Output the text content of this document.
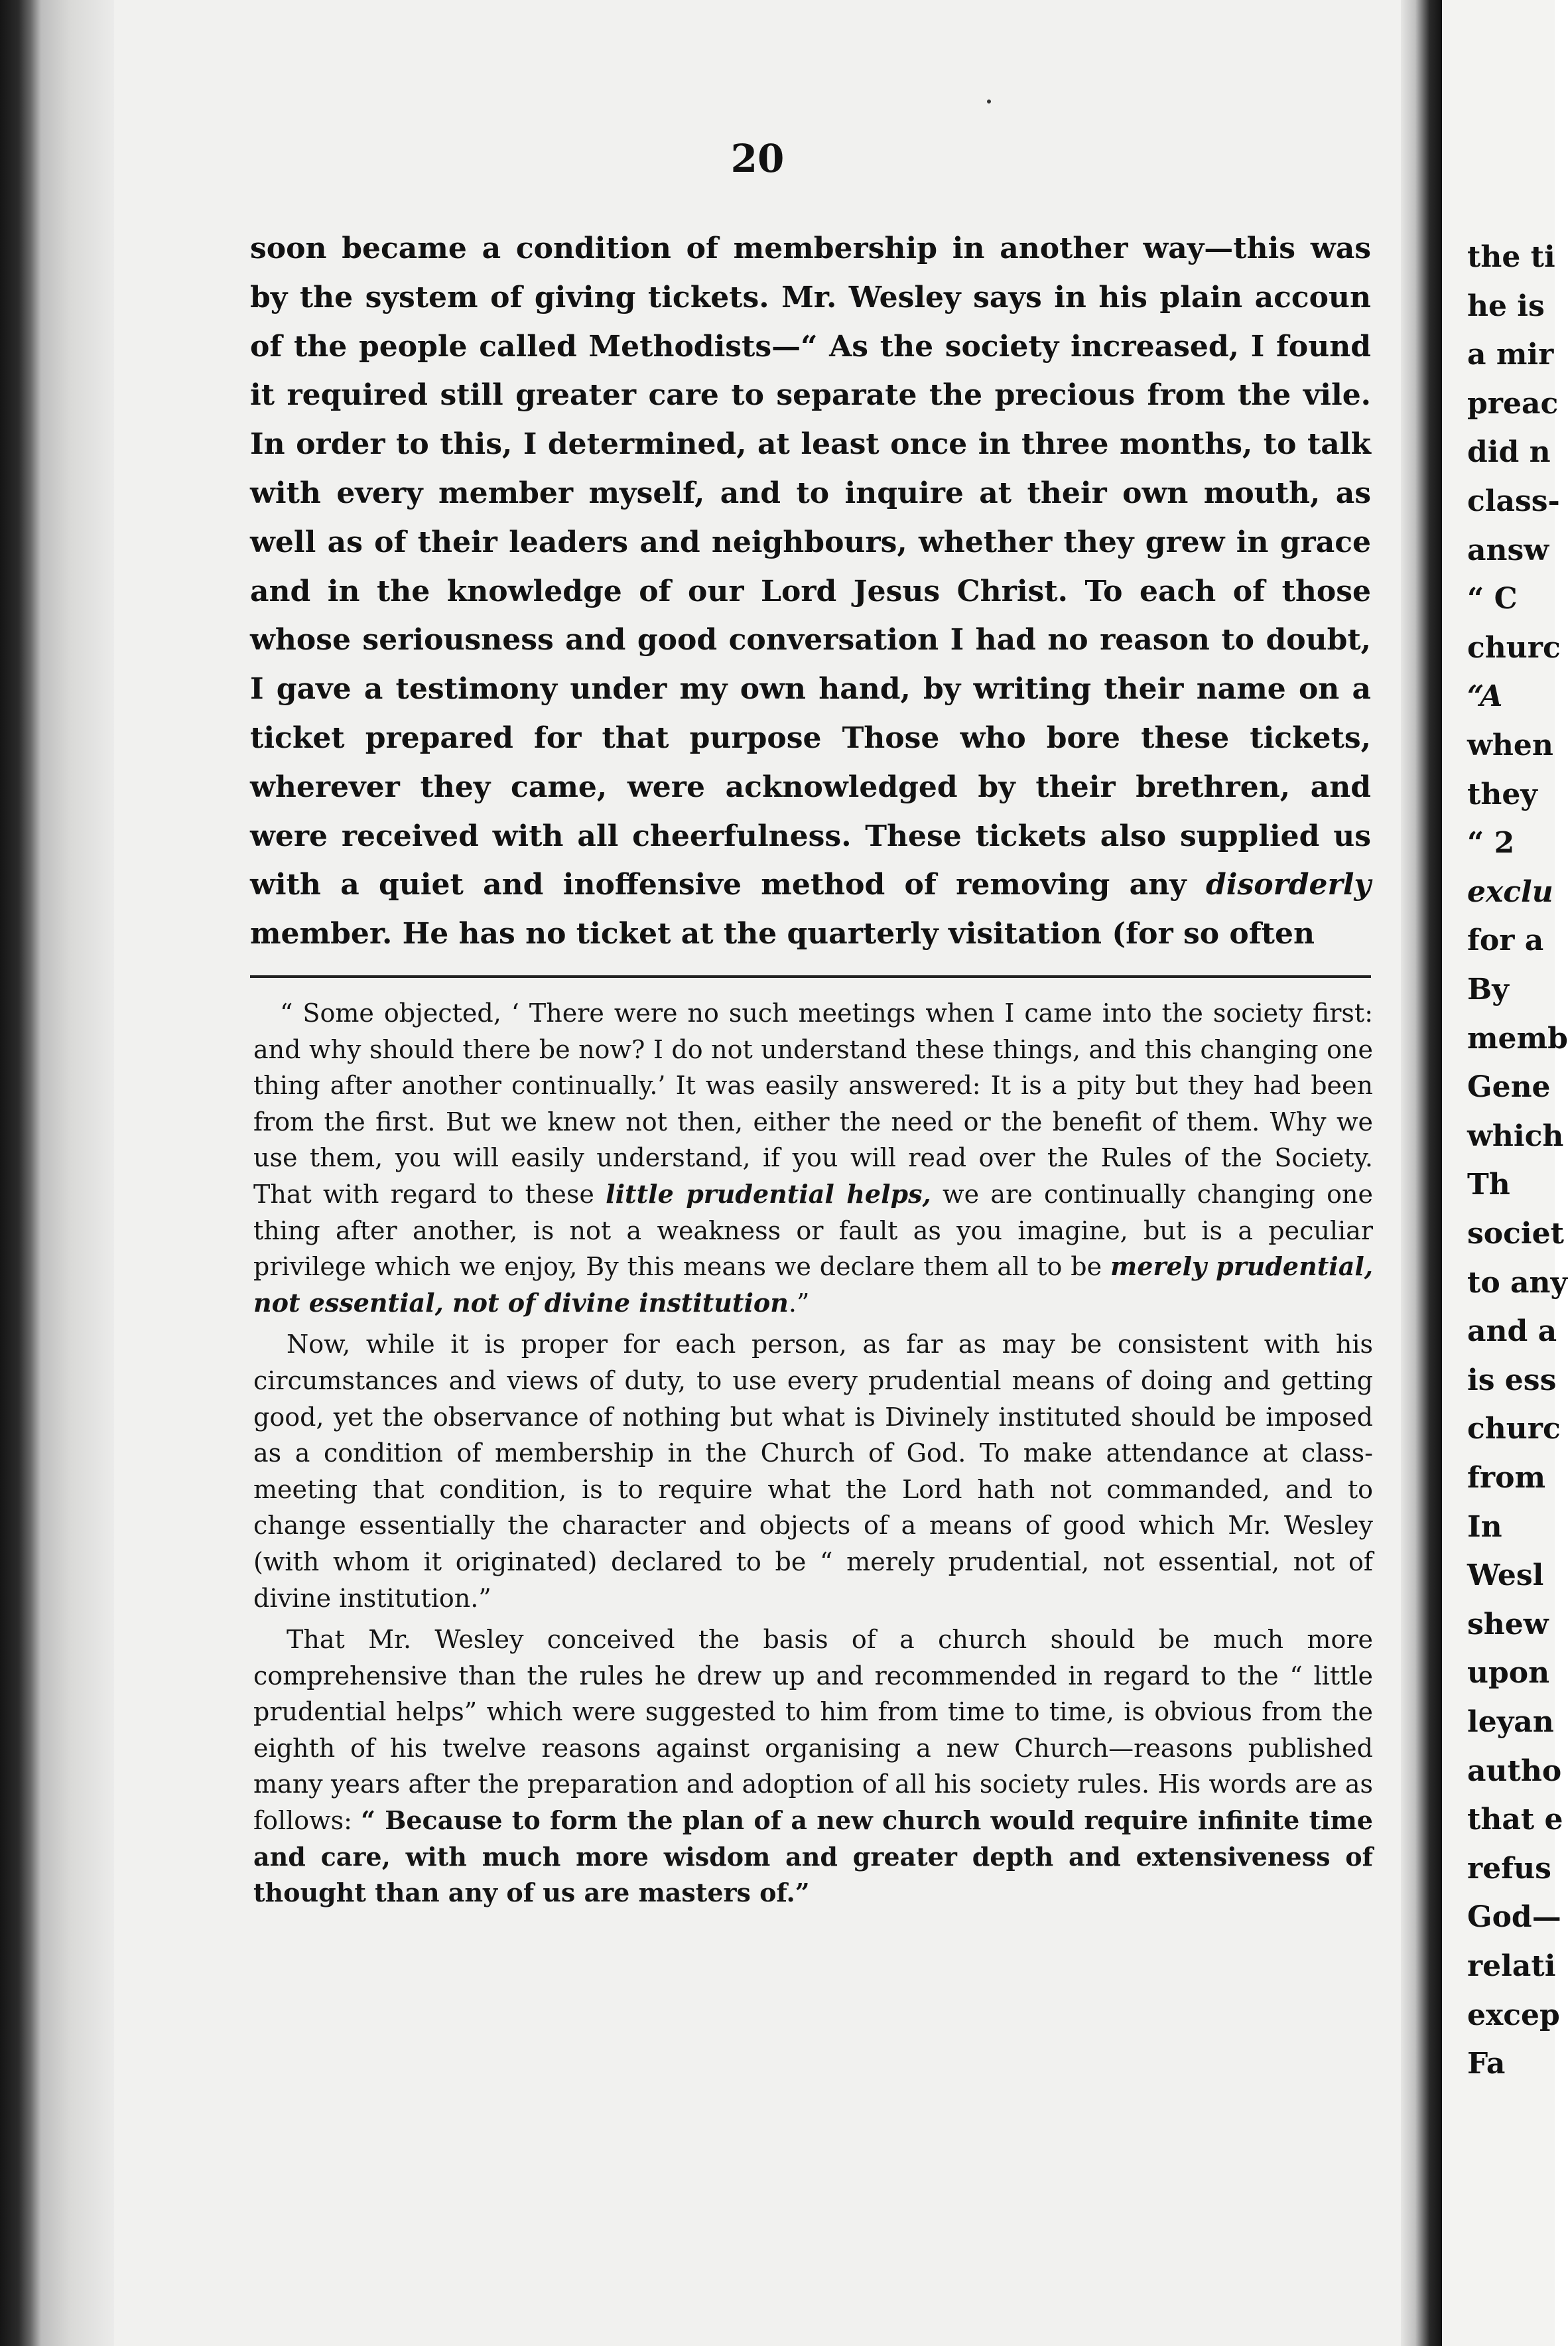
20
soon became a condition of membership in another way—this was by the system of giving tickets. Mr. Wesley says in his plain accoun of the people called Methodists—“ As the society increased, I found it required still greater care to separate the precious from the vile. In order to this, I determined, at least once in three months, to talk with every member myself, and to inquire at their own mouth, as well as of their leaders and neighbours, whether they grew in grace and in the knowledge of our Lord Jesus Christ. To each of those whose seriousness and good conversation I had no reason to doubt, I gave a testimony under my own hand, by writing their name on a ticket prepared for that purpose Those who bore these tickets, wherever they came, were acknowledged by their brethren, and were received with all cheerfulness. These tickets also supplied us with a quiet and inoffensive method of removing any disorderly member. He has no ticket at the quarterly visitation (for so often

“ Some objected, ‘ There were no such meetings when I came into the society first: and why should there be now? I do not understand these things, and this changing one thing after another continually.’ It was easily answered: It is a pity but they had been from the first. But we knew not then, either the need or the benefit of them. Why we use them, you will easily understand, if you will read over the Rules of the Society. That with regard to these little prudential helps, we are continually changing one thing after another, is not a weakness or fault as you imagine, but is a peculiar privilege which we enjoy, By this means we declare them all to be merely prudential, not essential, not of divine institution.”

Now, while it is proper for each person, as far as may be consistent with his circumstances and views of duty, to use every prudential means of doing and getting good, yet the observance of nothing but what is Divinely instituted should be imposed as a condition of membership in the Church of God. To make attendance at class-meeting that condition, is to require what the Lord hath not commanded, and to change essentially the character and objects of a means of good which Mr. Wesley (with whom it originated) declared to be “ merely prudential, not essential, not of divine institution.”

That Mr. Wesley conceived the basis of a church should be much more comprehensive than the rules he drew up and recommended in regard to the “ little prudential helps” which were suggested to him from time to time, is obvious from the eighth of his twelve reasons against organising a new Church—reasons published many years after the preparation and adoption of all his society rules. His words are as follows: “ Because to form the plan of a new church would require infinite time and care, with much more wisdom and greater depth and extensiveness of thought than any of us are masters of.”

the ti
he is
a mir
preac
did n
class-
answ
“ C
churc
“A
when
they
“ 2
exclu
for a
By
memb
Gene
which
Th
societ
to any
and a
is ess
churc
from
In
Wesl
shew
upon
leyan
autho
that e
refus
God—
relati
excep
Fa
